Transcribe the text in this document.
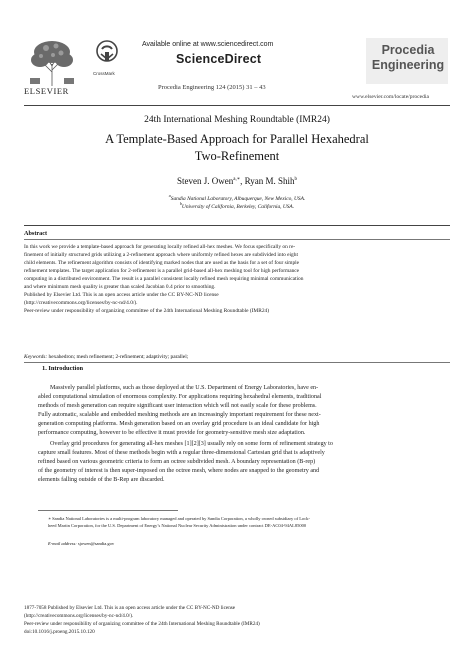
ELSEVIER
CrossMark
Available online at www.sciencedirect.com
ScienceDirect
Procedia Engineering 124 (2015) 31 – 43
Procedia
Engineering
www.elsevier.com/locate/procedia
24th International Meshing Roundtable (IMR24)
A Template-Based Approach for Parallel Hexahedral
Two-Refinement
Steven J. Owen$^{a,∗}$, Ryan M. Shih$^b$
$^a$Sandia National Laboratory, Albuquerque, New Mexico, USA.
$^b$University of California, Berkeley, California, USA.
Abstract
In this work we provide a template-based approach for generating locally refined all-hex meshes. We focus specifically on re-
finement of initially structured grids utilizing a 2-refinement approach where uniformly refined hexes are subdivided into eight
child elements. The refinement algorithm consists of identifying marked nodes that are used as the basis for a set of four simple
refinement templates. The target application for 2-refinement is a parallel grid-based all-hex meshing tool for high performance
computing in a distributed environment. The result is a parallel consistent locally refined mesh requiring minimal communication
and where minimum mesh quality is greater than scaled Jacobian 0.4 prior to smoothing.
Published by Elsevier Ltd. This is an open access article under the CC BY-NC-ND license
(http://creativecommons.org/licenses/by-nc-nd/4.0/).
Peer-review under responsibility of organizing committee of the 24th International Meshing Roundtable (IMR24)
Keywords: hexahedron; mesh refinement; 2-refinement; adaptivity; parallel;
1. Introduction
Massively parallel platforms, such as those deployed at the U.S. Department of Energy Laboratories, have en-
abled computational simulation of enormous complexity. For applications requiring hexahedral elements, traditional
methods of mesh generation can require significant user interaction which will not easily scale for these problems.
Fully automatic, scalable and embedded meshing methods are an increasingly important requirement for these next-
generation computing platforms. Mesh generation based on an overlay grid procedure is an ideal candidate for high
performance computing, however to be effective it must provide for geometry-sensitive mesh size adaptation.
Overlay grid procedures for generating all-hex meshes [1][2][3] usually rely on some form of refinement strategy to
capture small features. Most of these methods begin with a regular three-dimensional Cartesian grid that is adaptively
refined based on various geometric criteria to form an octree subdivided mesh. A boundary representation (B-rep)
of the geometry of interest is then super-imposed on the octree mesh, where nodes are snapped to the geometry and
elements falling outside of the B-Rep are discarded.
∗ Sandia National Laboratories is a multi-program laboratory managed and operated by Sandia Corporation, a wholly owned subsidiary of Lock-
heed Martin Corporation, for the U.S. Department of Energy’s National Nuclear Security Administration under contract DE-AC04-94AL85000
E-mail address: sjowen@sandia.gov
1877-7058 Published by Elsevier Ltd. This is an open access article under the CC BY-NC-ND license
(http://creativecommons.org/licenses/by-nc-nd/4.0/).
Peer-review under responsibility of organizing committee of the 24th International Meshing Roundtable (IMR24)
doi:10.1016/j.proeng.2015.10.120
